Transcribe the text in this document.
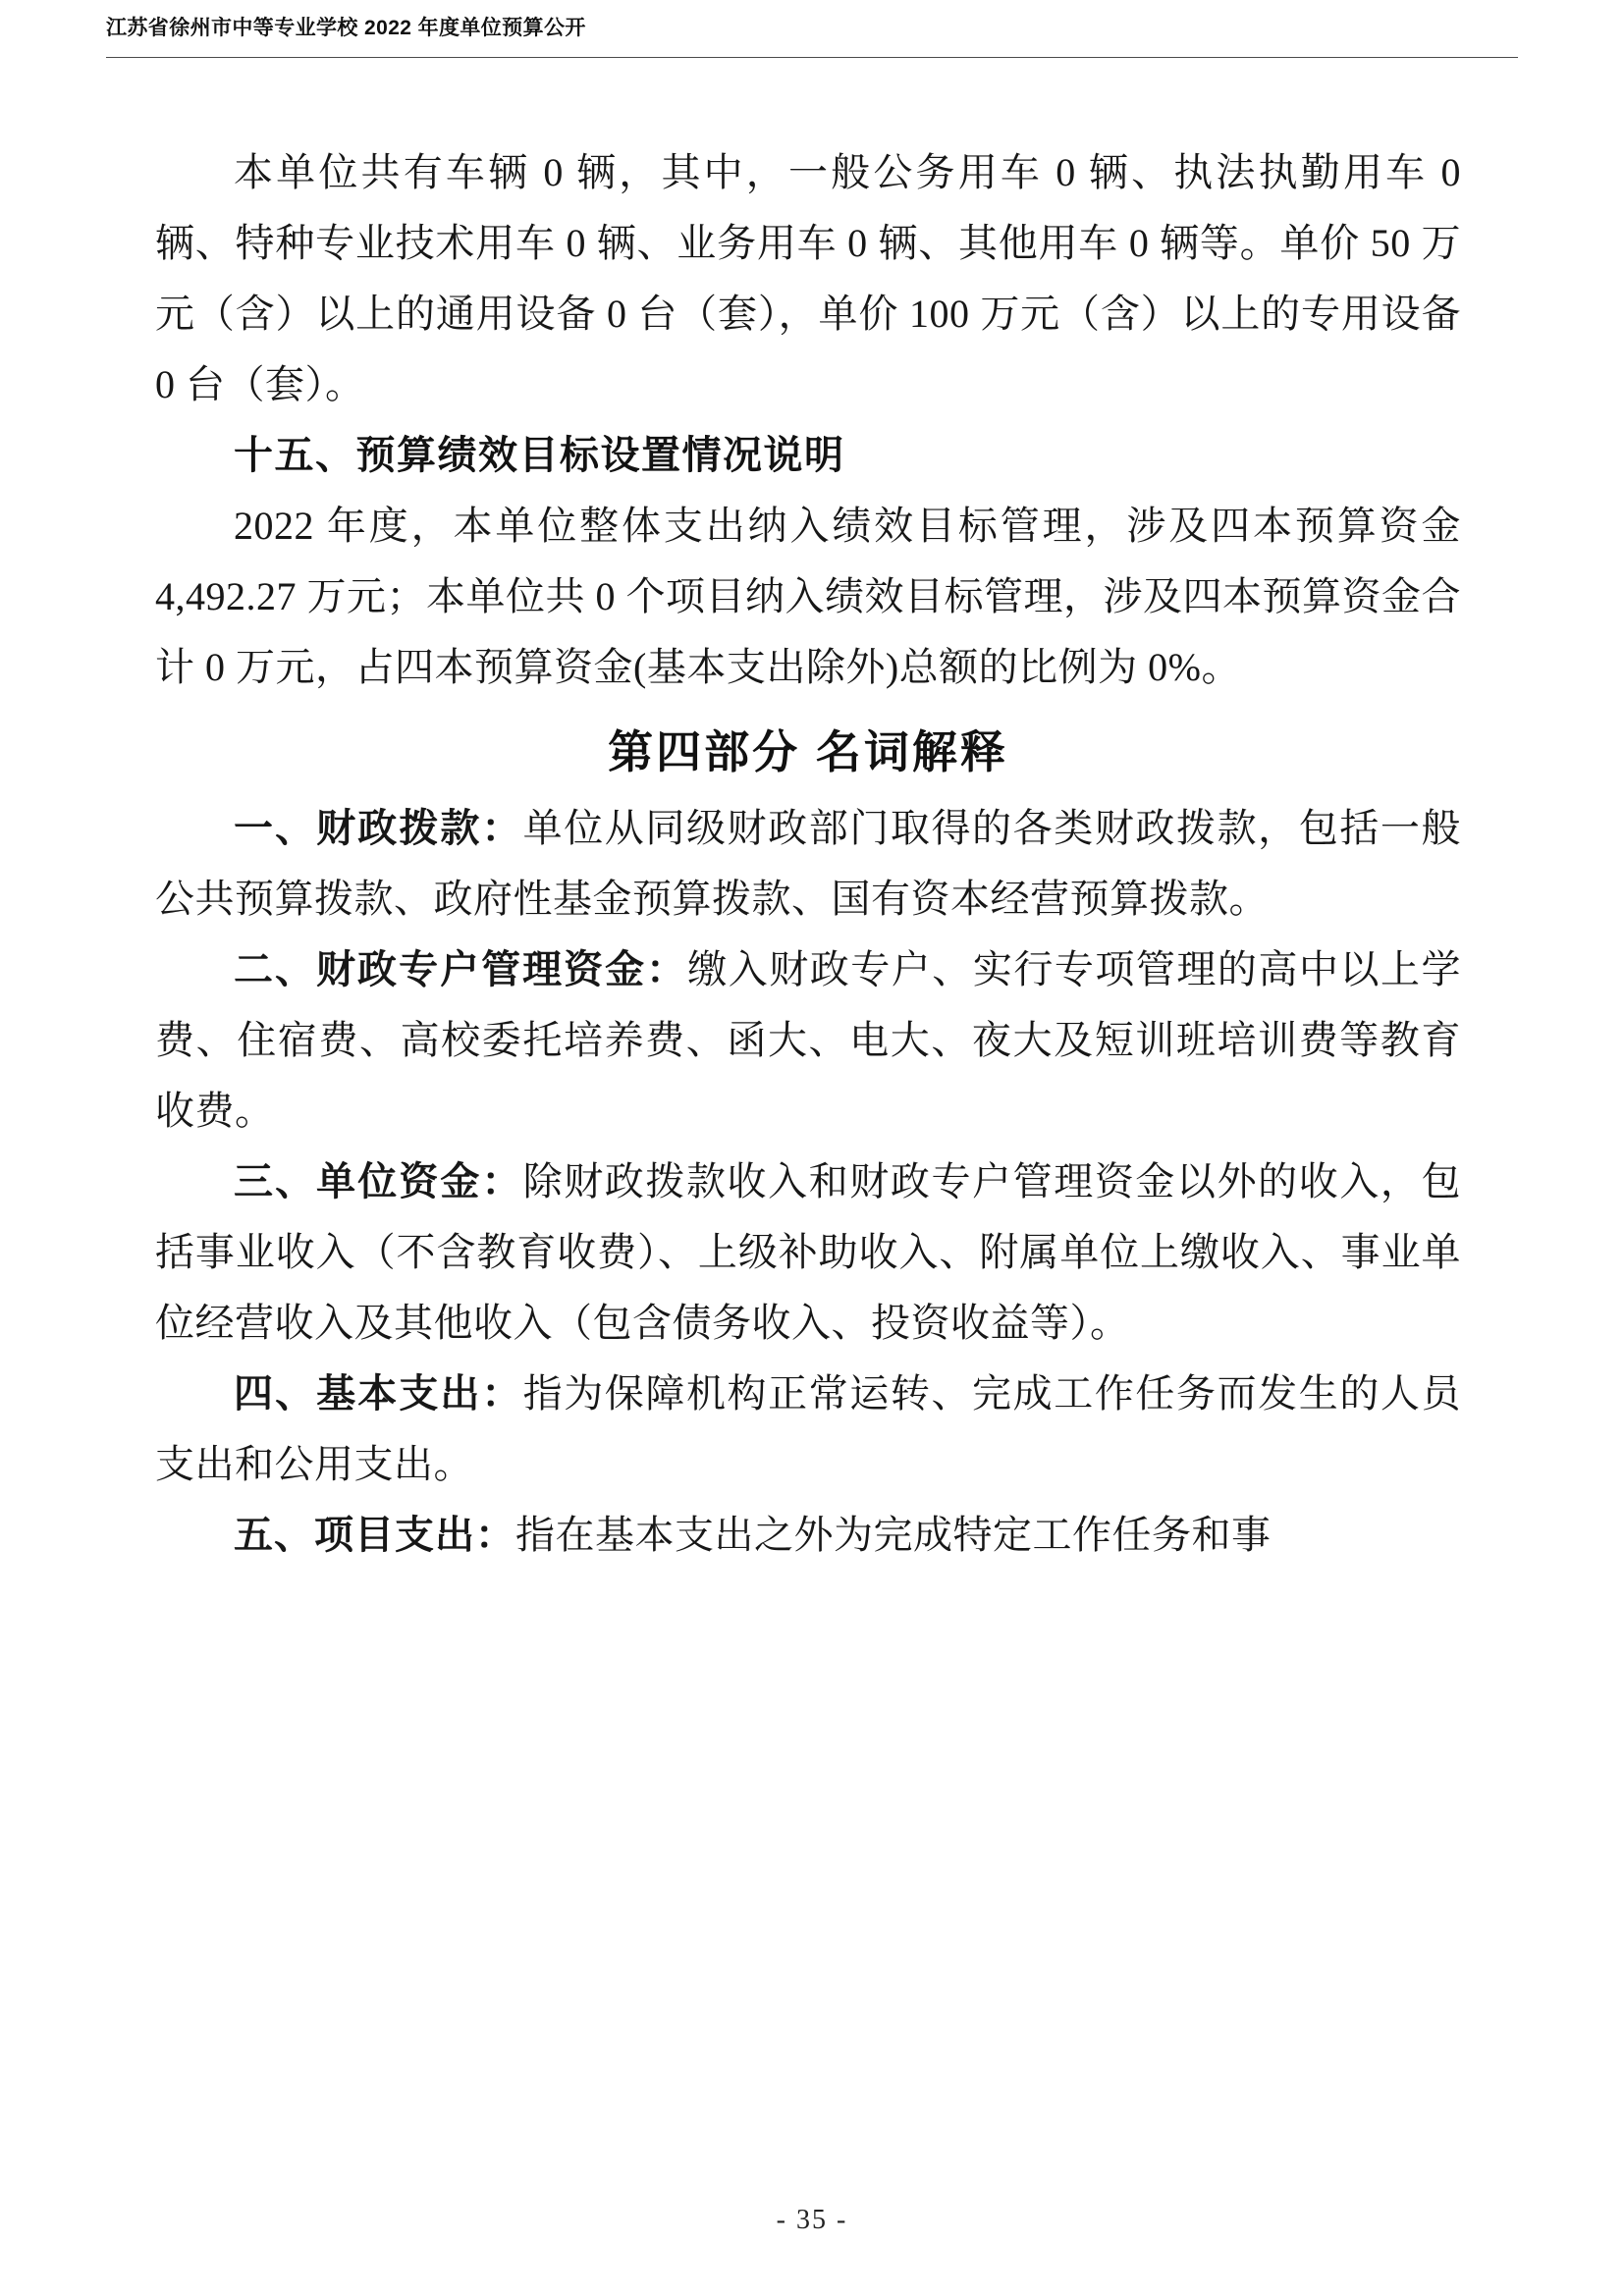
江苏省徐州市中等专业学校 2022 年度单位预算公开

本单位共有车辆 0 辆，其中，一般公务用车 0 辆、执法执勤用车 0 辆、特种专业技术用车 0 辆、业务用车 0 辆、其他用车 0 辆等。单价 50 万元（含）以上的通用设备 0 台（套），单价 100 万元（含）以上的专用设备 0 台（套）。

十五、预算绩效目标设置情况说明

2022 年度，本单位整体支出纳入绩效目标管理，涉及四本预算资金 4,492.27 万元；本单位共 0 个项目纳入绩效目标管理，涉及四本预算资金合计 0 万元，占四本预算资金(基本支出除外)总额的比例为 0%。

第四部分 名词解释

一、财政拨款：单位从同级财政部门取得的各类财政拨款，包括一般公共预算拨款、政府性基金预算拨款、国有资本经营预算拨款。

二、财政专户管理资金：缴入财政专户、实行专项管理的高中以上学费、住宿费、高校委托培养费、函大、电大、夜大及短训班培训费等教育收费。

三、单位资金：除财政拨款收入和财政专户管理资金以外的收入，包括事业收入（不含教育收费）、上级补助收入、附属单位上缴收入、事业单位经营收入及其他收入（包含债务收入、投资收益等）。

四、基本支出：指为保障机构正常运转、完成工作任务而发生的人员支出和公用支出。

五、项目支出：指在基本支出之外为完成特定工作任务和事

- 35 -
